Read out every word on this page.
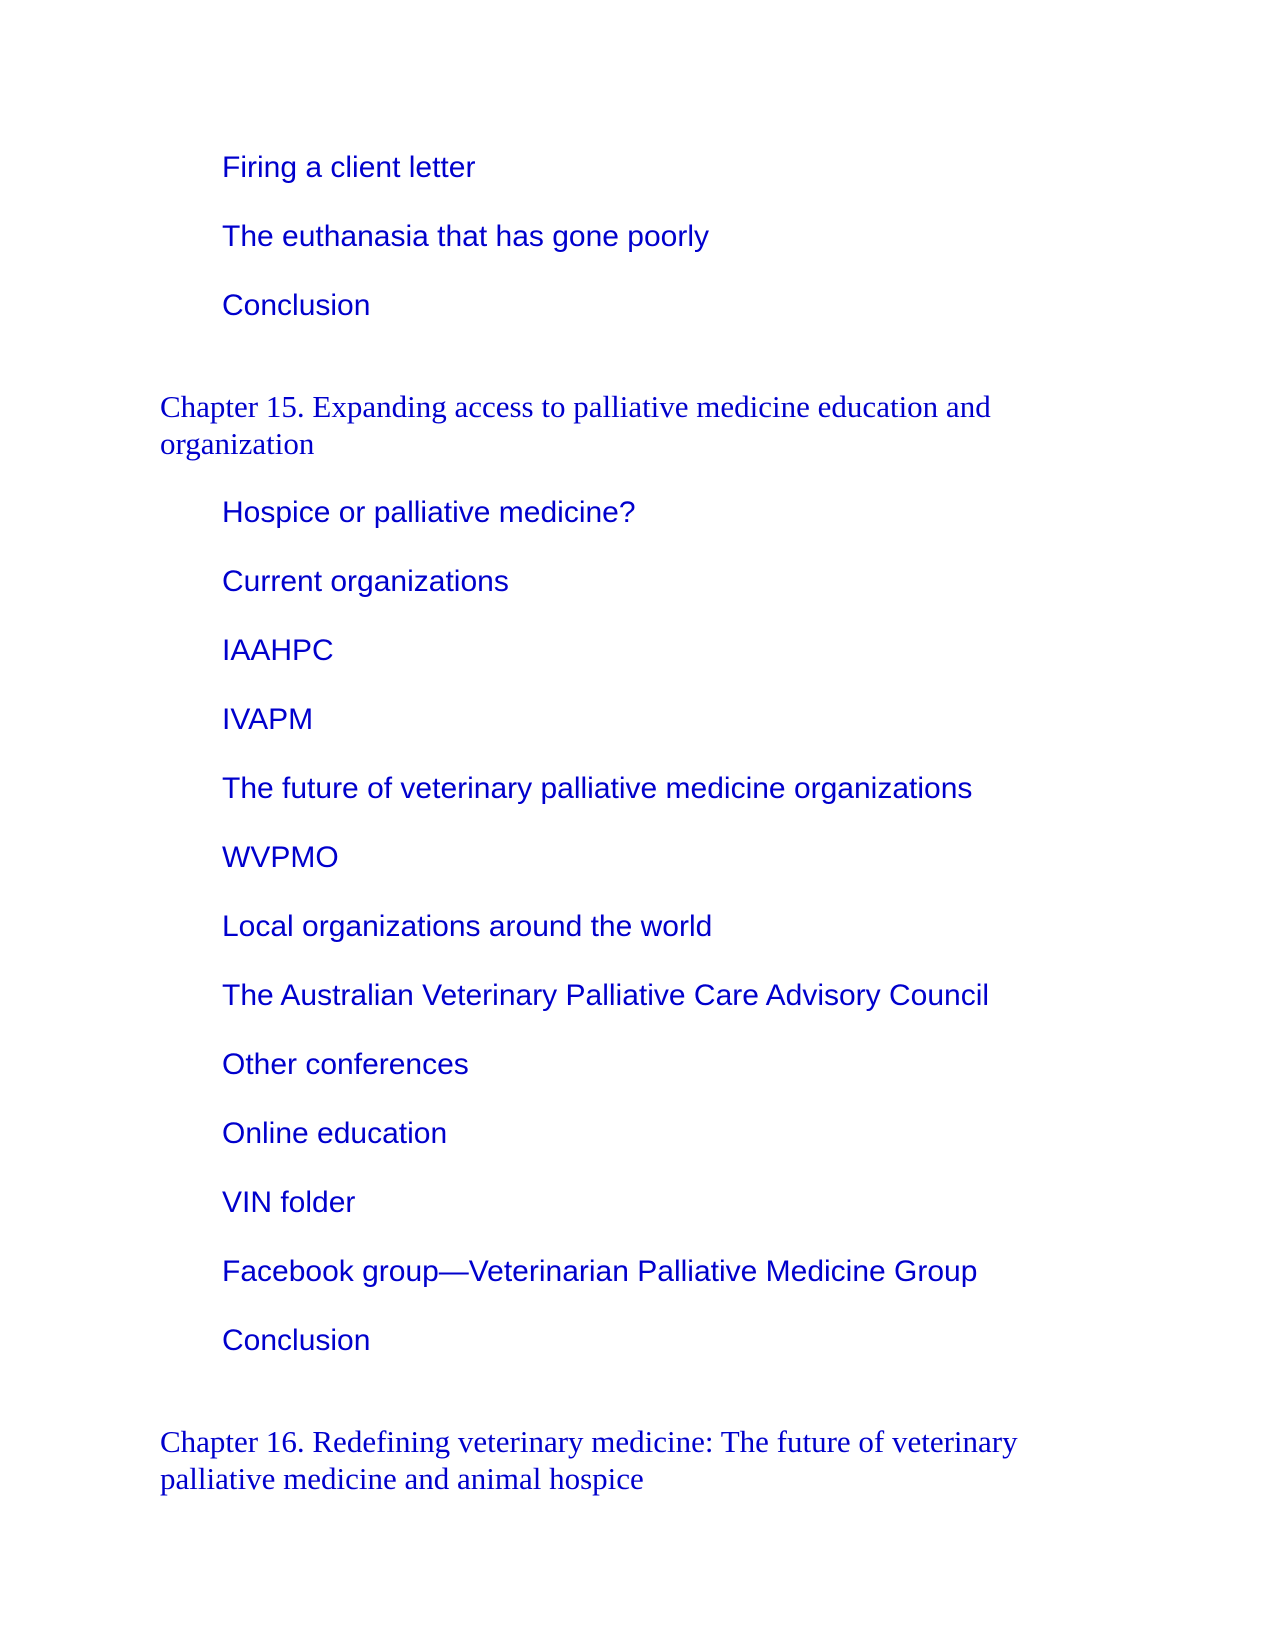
Firing a client letter
The euthanasia that has gone poorly
Conclusion
Chapter 15. Expanding access to palliative medicine education and organization
Hospice or palliative medicine?
Current organizations
IAAHPC
IVAPM
The future of veterinary palliative medicine organizations
WVPMO
Local organizations around the world
The Australian Veterinary Palliative Care Advisory Council
Other conferences
Online education
VIN folder
Facebook group—Veterinarian Palliative Medicine Group
Conclusion
Chapter 16. Redefining veterinary medicine: The future of veterinary palliative medicine and animal hospice
